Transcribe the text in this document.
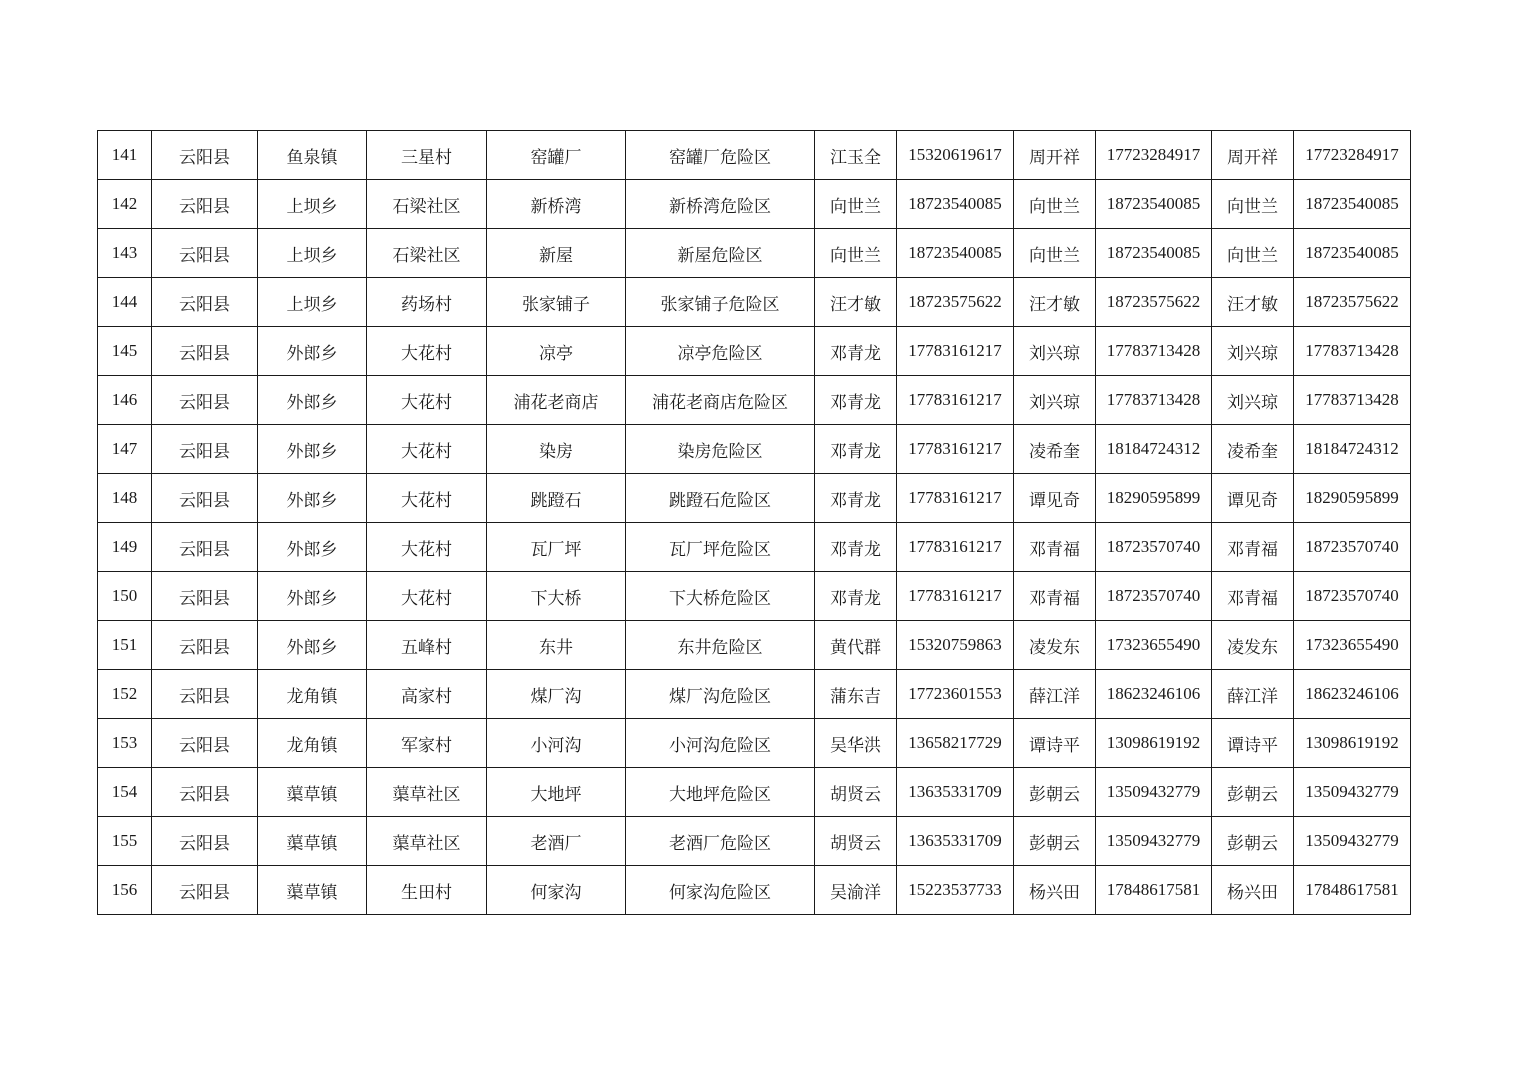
141	云阳县	鱼泉镇	三星村	窑罐厂	窑罐厂危险区	江玉全	15320619617	周开祥	17723284917	周开祥	17723284917
142	云阳县	上坝乡	石梁社区	新桥湾	新桥湾危险区	向世兰	18723540085	向世兰	18723540085	向世兰	18723540085
143	云阳县	上坝乡	石梁社区	新屋	新屋危险区	向世兰	18723540085	向世兰	18723540085	向世兰	18723540085
144	云阳县	上坝乡	药场村	张家铺子	张家铺子危险区	汪才敏	18723575622	汪才敏	18723575622	汪才敏	18723575622
145	云阳县	外郎乡	大花村	凉亭	凉亭危险区	邓青龙	17783161217	刘兴琼	17783713428	刘兴琼	17783713428
146	云阳县	外郎乡	大花村	浦花老商店	浦花老商店危险区	邓青龙	17783161217	刘兴琼	17783713428	刘兴琼	17783713428
147	云阳县	外郎乡	大花村	染房	染房危险区	邓青龙	17783161217	凌希奎	18184724312	凌希奎	18184724312
148	云阳县	外郎乡	大花村	跳蹬石	跳蹬石危险区	邓青龙	17783161217	谭见奇	18290595899	谭见奇	18290595899
149	云阳县	外郎乡	大花村	瓦厂坪	瓦厂坪危险区	邓青龙	17783161217	邓青福	18723570740	邓青福	18723570740
150	云阳县	外郎乡	大花村	下大桥	下大桥危险区	邓青龙	17783161217	邓青福	18723570740	邓青福	18723570740
151	云阳县	外郎乡	五峰村	东井	东井危险区	黄代群	15320759863	凌发东	17323655490	凌发东	17323655490
152	云阳县	龙角镇	高家村	煤厂沟	煤厂沟危险区	蒲东吉	17723601553	薛江洋	18623246106	薛江洋	18623246106
153	云阳县	龙角镇	军家村	小河沟	小河沟危险区	吴华洪	13658217729	谭诗平	13098619192	谭诗平	13098619192
154	云阳县	蕖草镇	蕖草社区	大地坪	大地坪危险区	胡贤云	13635331709	彭朝云	13509432779	彭朝云	13509432779
155	云阳县	蕖草镇	蕖草社区	老酒厂	老酒厂危险区	胡贤云	13635331709	彭朝云	13509432779	彭朝云	13509432779
156	云阳县	蕖草镇	生田村	何家沟	何家沟危险区	吴渝洋	15223537733	杨兴田	17848617581	杨兴田	17848617581
